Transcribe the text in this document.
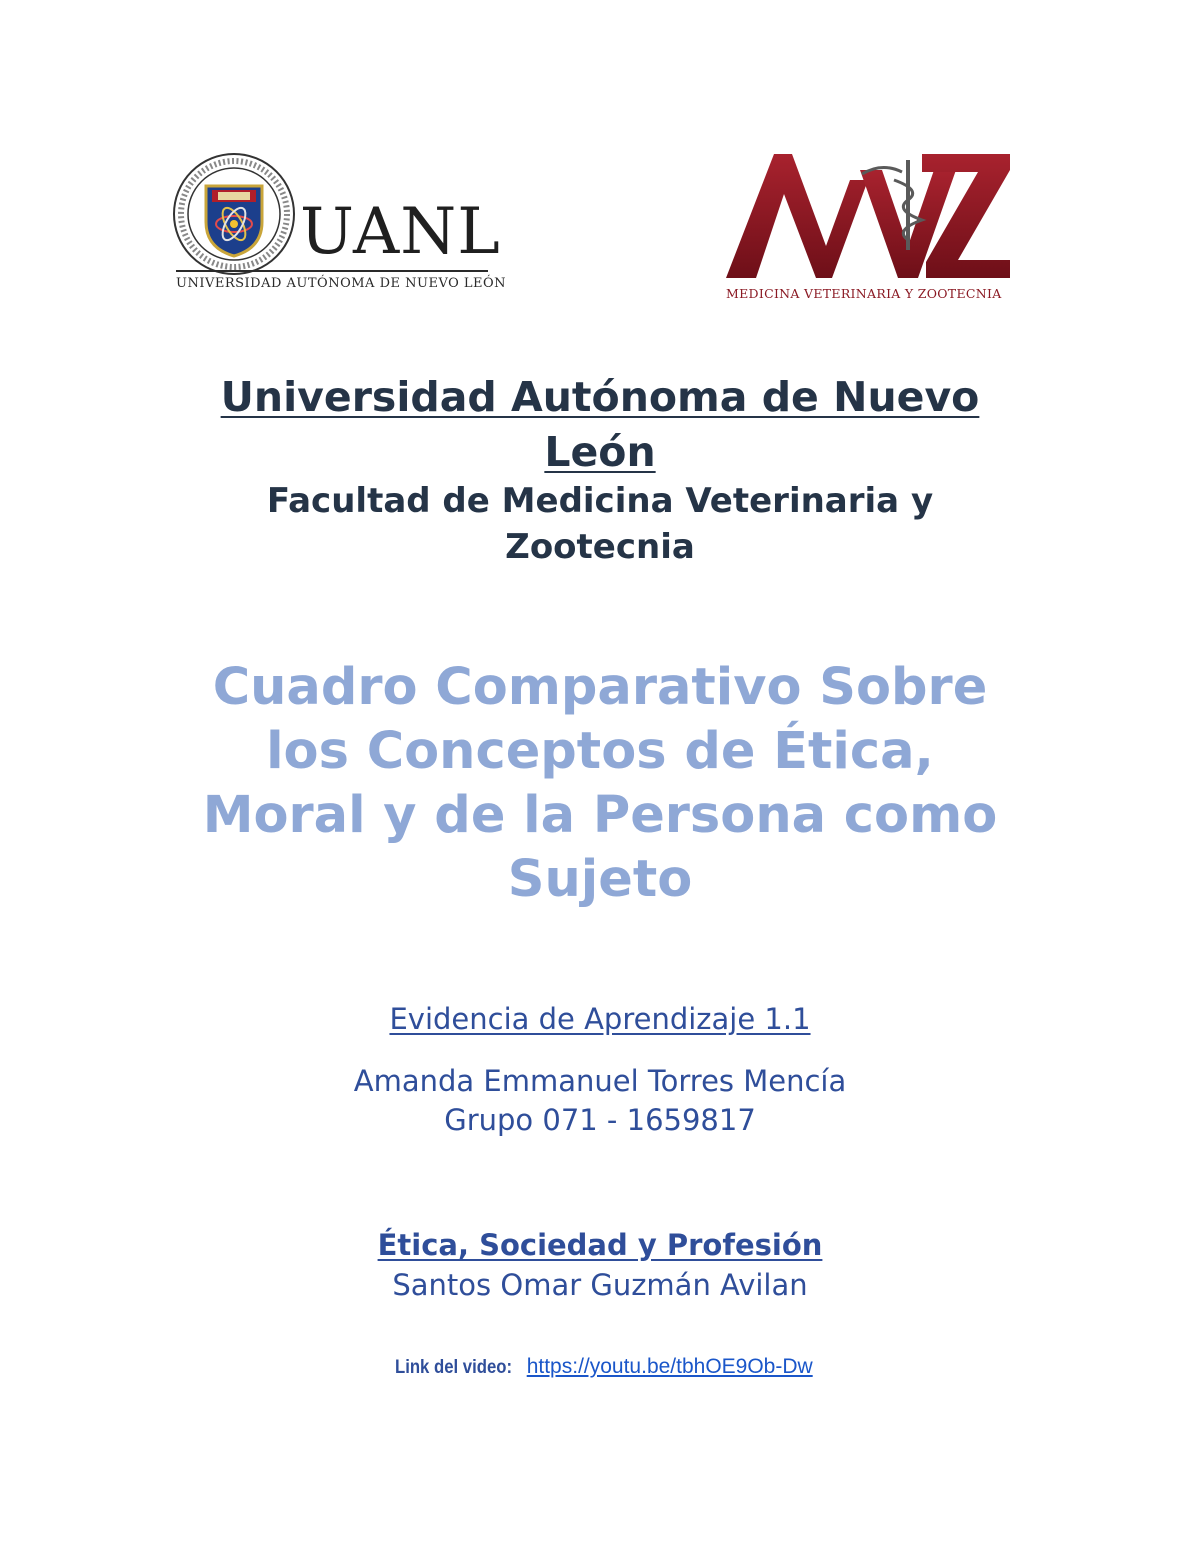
UANL
UNIVERSIDAD AUTÓNOMA DE NUEVO LEÓN
MEDICINA VETERINARIA Y ZOOTECNIA
Universidad Autónoma de Nuevo
León
Facultad de Medicina Veterinaria y
Zootecnia
Cuadro Comparativo Sobre
los Conceptos de Ética,
Moral y de la Persona como
Sujeto
Evidencia de Aprendizaje 1.1
Amanda Emmanuel Torres Mencía
Grupo 071 - 1659817
Ética, Sociedad y Profesión
Santos Omar Guzmán Avilan
Link del video: https://youtu.be/tbhOE9Ob-Dw
